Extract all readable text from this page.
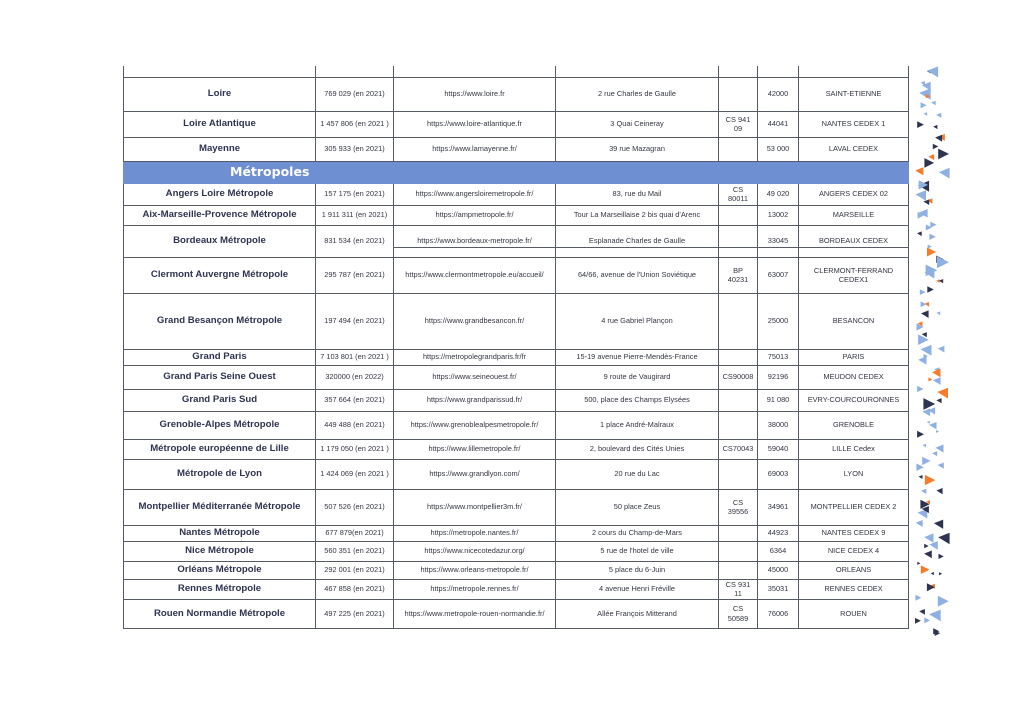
Loire	769 029 (en 2021)	https://www.loire.fr	2 rue Charles de Gaulle		42000	SAINT-ETIENNE
Loire Atlantique	1 457 806 (en 2021 )	https://www.loire-atlantique.fr	3 Quai Ceineray	CS 941 09	44041	NANTES CEDEX 1
Mayenne	305 933 (en 2021)	https://www.lamayenne.fr/	39 rue Mazagran		53 000	LAVAL CEDEX
Métropoles						
Angers Loire Métropole	157 175 (en 2021)	https://www.angersloiremetropole.fr/	83, rue du Mail	CS 80011	49 020	ANGERS CEDEX 02
Aix-Marseille-Provence Métropole	1 911 311 (en 2021)	https://ampmetropole.fr/	Tour La Marseillaise 2 bis quai d'Arenc		13002	MARSEILLE
Bordeaux Métropole	831 534 (en 2021)	https://www.bordeaux-metropole.fr/	Esplanade Charles de Gaulle		33045	BORDEAUX CEDEX

Clermont Auvergne Métropole	295 787 (en 2021)	https://www.clermontmetropole.eu/accueil/	64/66, avenue de l'Union Soviétique	BP 40231	63007	CLERMONT-FERRAND CEDEX1
Grand Besançon Métropole	197 494 (en 2021)	https://www.grandbesancon.fr/	4 rue Gabriel Plançon		25000	BESANCON
Grand Paris	7 103 801 (en 2021 )	https://metropolegrandparis.fr/fr	15-19 avenue Pierre-Mendès-France		75013	PARIS
Grand Paris Seine Ouest	320000 (en 2022)	https://www.seineouest.fr/	9 route de Vaugirard	CS90008	92196	MEUDON CEDEX
Grand Paris Sud	357 664 (en 2021)	https://www.grandparissud.fr/	500, place des Champs Elysées		91 080	EVRY-COURCOURONNES
Grenoble-Alpes Métropole	449 488 (en 2021)	https://www.grenoblealpesmetropole.fr/	1 place André-Malraux		38000	GRENOBLE
Métropole européenne de Lille	1 179 050 (en 2021 )	https://www.lillemetropole.fr/	2, boulevard des Cités Unies	CS70043	59040	LILLE Cedex
Métropole de Lyon	1 424 069 (en 2021 )	https://www.grandlyon.com/	20 rue du Lac		69003	LYON
Montpellier Méditerranée Métropole	507 526 (en 2021)	https://www.montpellier3m.fr/	50 place Zeus	CS 39556	34961	MONTPELLIER CEDEX 2
Nantes Métropole	677 879(en 2021)	https://metropole.nantes.fr/	2 cours du Champ-de-Mars		44923	NANTES CEDEX 9
Nice Métropole	560 351 (en 2021)	https://www.nicecotedazur.org/	5 rue de l'hotel de ville		6364	NICE CEDEX 4
Orléans Métropole	292 001 (en 2021)	https://www.orleans-metropole.fr/	5 place du 6-Juin		45000	ORLEANS
Rennes Métropole	467 858 (en 2021)	https://metropole.rennes.fr/	4 avenue Henri Fréville	CS 931 11	35031	RENNES CEDEX
Rouen Normandie Métropole	497 225 (en 2021)	https://www.metropole-rouen-normandie.fr/	Allée François Mitterand	CS 50589	76006	ROUEN
